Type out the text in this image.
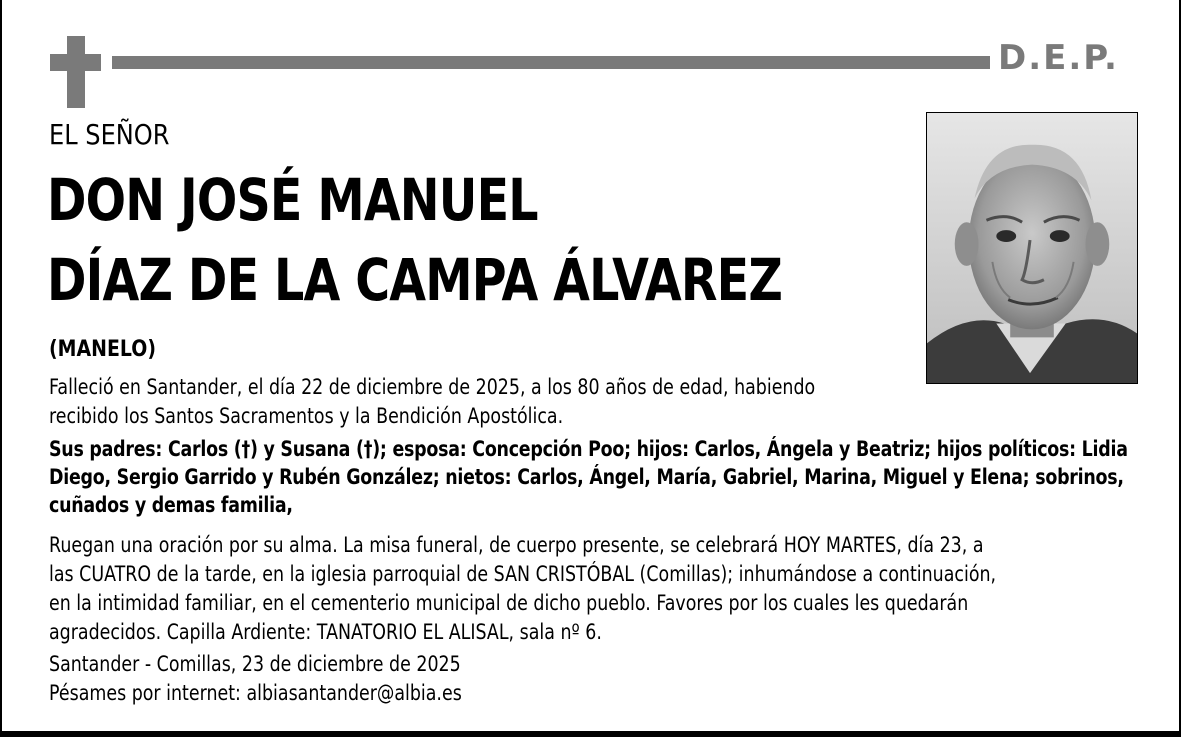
D.E.P.
EL SEÑOR
DON JOSÉ MANUEL
DÍAZ DE LA CAMPA ÁLVAREZ
(MANELO)
Falleció en Santander, el día 22 de diciembre de 2025, a los 80 años de edad, habiendo
recibido los Santos Sacramentos y la Bendición Apostólica.
Sus padres: Carlos (†) y Susana (†); esposa: Concepción Poo; hijos: Carlos, Ángela y Beatriz; hijos políticos: Lidia
Diego, Sergio Garrido y Rubén González; nietos: Carlos, Ángel, María, Gabriel, Marina, Miguel y Elena; sobrinos,
cuñados y demas familia,
Ruegan una oración por su alma. La misa funeral, de cuerpo presente, se celebrará HOY MARTES, día 23, a
las CUATRO de la tarde, en la iglesia parroquial de SAN CRISTÓBAL (Comillas); inhumándose a continuación,
en la intimidad familiar, en el cementerio municipal de dicho pueblo. Favores por los cuales les quedarán
agradecidos. Capilla Ardiente: TANATORIO EL ALISAL, sala nº 6.
Santander - Comillas, 23 de diciembre de 2025
Pésames por internet: albiasantander@albia.es
